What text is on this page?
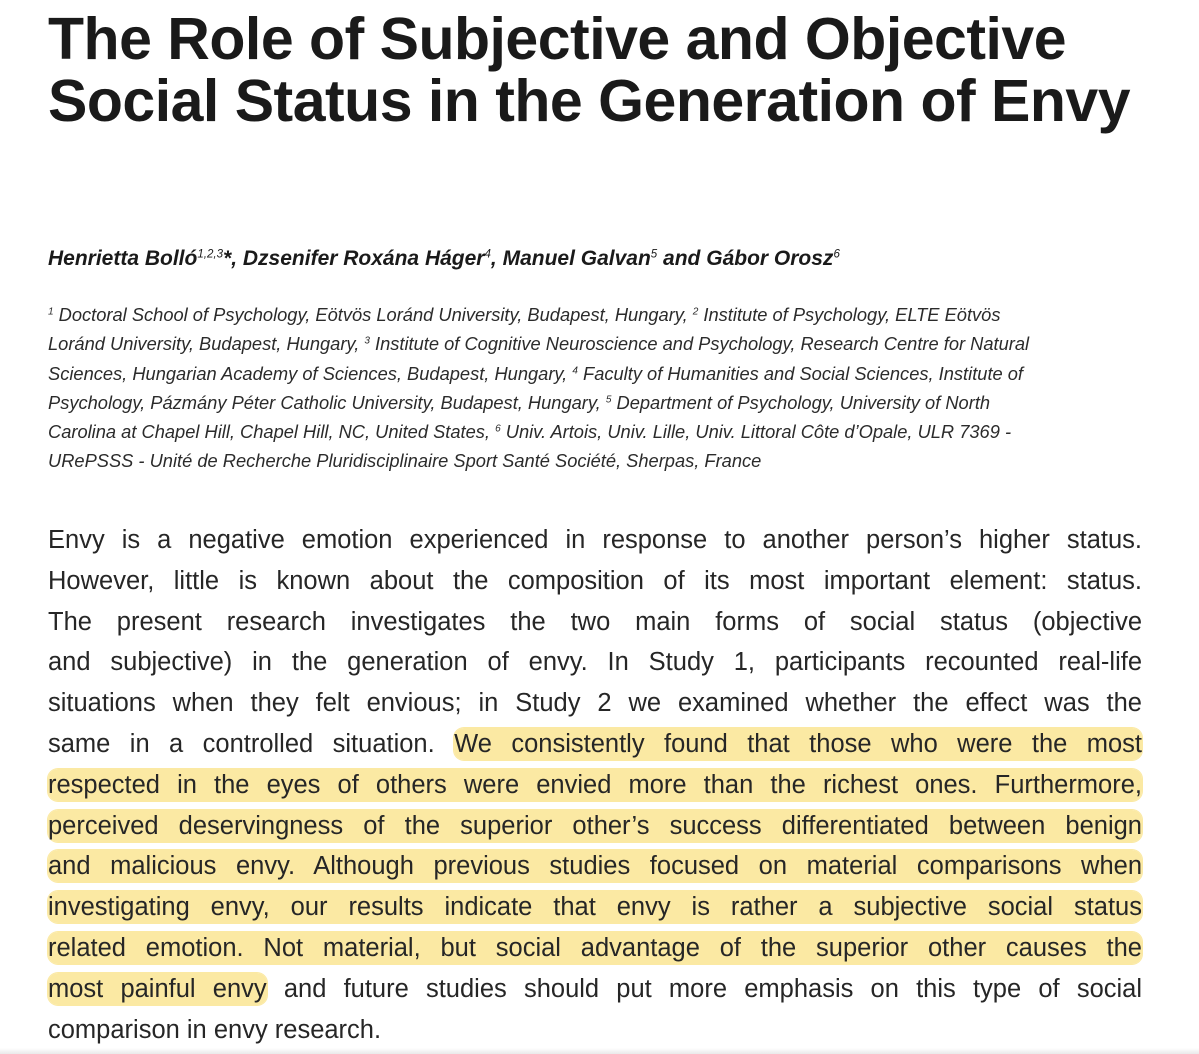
The Role of Subjective and Objective Social Status in the Generation of Envy
Henrietta Bolló$^{1,2,3}$*, Dzsenifer Roxána Háger$^4$, Manuel Galvan$^5$ and Gábor Orosz$^6$
$^1$ Doctoral School of Psychology, Eötvös Loránd University, Budapest, Hungary, $^2$ Institute of Psychology, ELTE Eötvös
Loránd University, Budapest, Hungary, $^3$ Institute of Cognitive Neuroscience and Psychology, Research Centre for Natural
Sciences, Hungarian Academy of Sciences, Budapest, Hungary, $^4$ Faculty of Humanities and Social Sciences, Institute of
Psychology, Pázmány Péter Catholic University, Budapest, Hungary, $^5$ Department of Psychology, University of North
Carolina at Chapel Hill, Chapel Hill, NC, United States, $^6$ Univ. Artois, Univ. Lille, Univ. Littoral Côte d’Opale, ULR 7369 -
URePSSS - Unité de Recherche Pluridisciplinaire Sport Santé Société, Sherpas, France
Envy is a negative emotion experienced in response to another person’s higher status.
However, little is known about the composition of its most important element: status.
The present research investigates the two main forms of social status (objective
and subjective) in the generation of envy. In Study 1, participants recounted real-life
situations when they felt envious; in Study 2 we examined whether the effect was the
same in a controlled situation. We consistently found that those who were the most
respected in the eyes of others were envied more than the richest ones. Furthermore,
perceived deservingness of the superior other’s success differentiated between benign
and malicious envy. Although previous studies focused on material comparisons when
investigating envy, our results indicate that envy is rather a subjective social status
related emotion. Not material, but social advantage of the superior other causes the
most painful envy and future studies should put more emphasis on this type of social
comparison in envy research.
